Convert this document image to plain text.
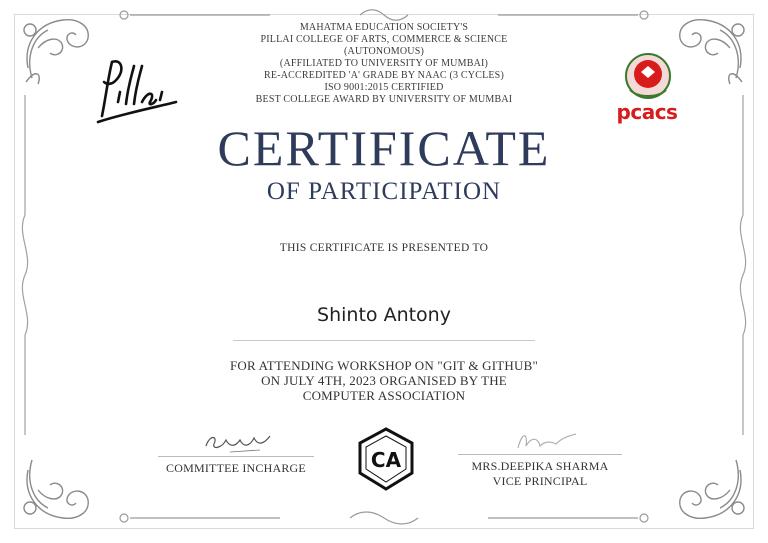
pcacs
MAHATMA EDUCATION SOCIETY'S
PILLAI COLLEGE OF ARTS, COMMERCE & SCIENCE
(AUTONOMOUS)
(AFFILIATED TO UNIVERSITY OF MUMBAI)
RE-ACCREDITED 'A' GRADE BY NAAC (3 CYCLES)
ISO 9001:2015 CERTIFIED
BEST COLLEGE AWARD BY UNIVERSITY OF MUMBAI
CERTIFICATE
OF PARTICIPATION
THIS CERTIFICATE IS PRESENTED TO
Shinto Antony
FOR ATTENDING WORKSHOP ON "GIT & GITHUB"
ON JULY 4TH, 2023 ORGANISED BY THE
COMPUTER ASSOCIATION
COMMITTEE INCHARGE	CA	MRS.DEEPIKA SHARMA
VICE PRINCIPAL
